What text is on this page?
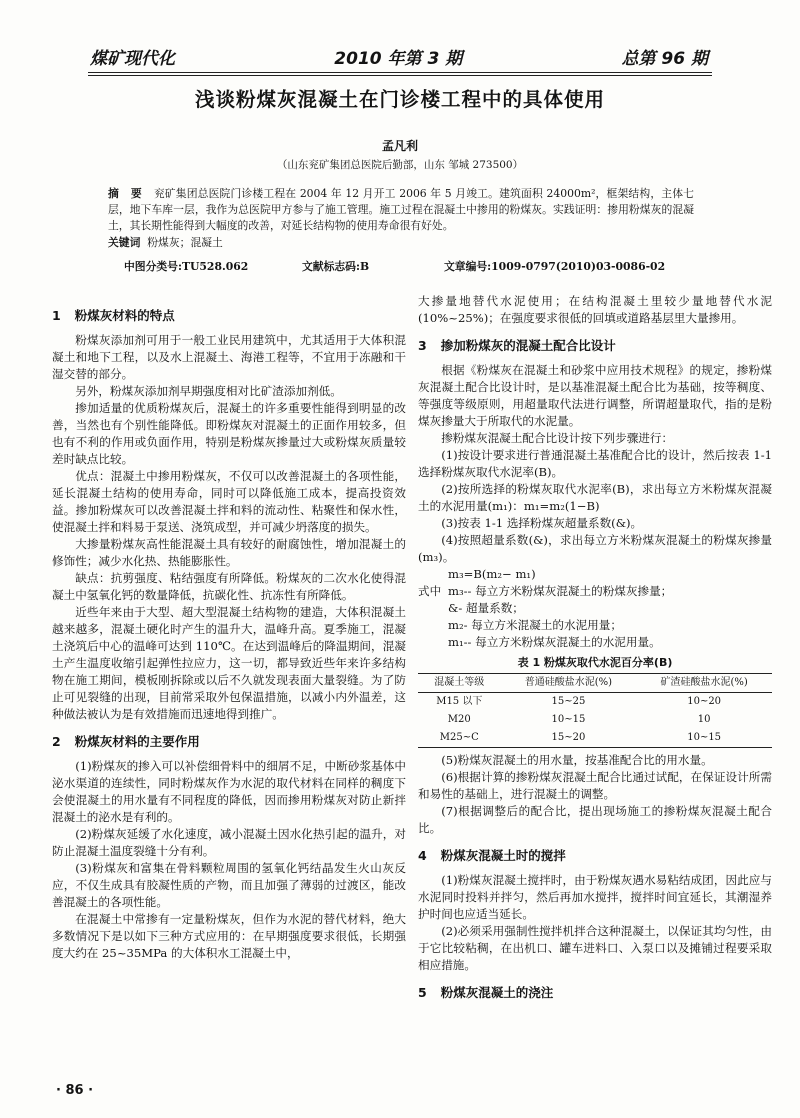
煤矿现代化	2010 年第 3 期	总第 96 期
浅谈粉煤灰混凝土在门诊楼工程中的具体使用
孟凡利
（山东兖矿集团总医院后勤部，山东 邹城 273500）
摘 要 兖矿集团总医院门诊楼工程在 2004 年 12 月开工 2006 年 5 月竣工。建筑面积 24000m²，框架结构，主体七层，地下车库一层，我作为总医院甲方参与了施工管理。施工过程在混凝土中掺用的粉煤灰。实践证明：掺用粉煤灰的混凝土，其长期性能得到大幅度的改善，对延长结构物的使用寿命很有好处。
关键词 粉煤灰；混凝土
中图分类号:TU528.062	文献标志码:B	文章编号:1009-0797(2010)03-0086-02
1 粉煤灰材料的特点

粉煤灰添加剂可用于一般工业民用建筑中，尤其适用于大体积混凝土和地下工程，以及水上混凝土、海港工程等，不宜用于冻融和干湿交替的部分。

另外，粉煤灰添加剂早期强度相对比矿渣添加剂低。

掺加适量的优质粉煤灰后，混凝土的许多重要性能得到明显的改善，当然也有个别性能降低。即粉煤灰对混凝土的正面作用较多，但也有不利的作用或负面作用，特别是粉煤灰掺量过大或粉煤灰质量较差时缺点比较。

优点：混凝土中掺用粉煤灰，不仅可以改善混凝土的各项性能，延长混凝土结构的使用寿命，同时可以降低施工成本，提高投资效益。掺加粉煤灰可以改善混凝土拌和料的流动性、粘聚性和保水性，使混凝土拌和料易于泵送、浇筑成型，并可减少坍落度的损失。

大掺量粉煤灰高性能混凝土具有较好的耐腐蚀性，增加混凝土的修饰性；减少水化热、热能膨胀性。

缺点：抗剪强度、粘结强度有所降低。粉煤灰的二次水化使得混凝土中氢氧化钙的数量降低，抗碳化性、抗冻性有所降低。

近些年来由于大型、超大型混凝土结构物的建造，大体积混凝土越来越多，混凝土硬化时产生的温升大，温峰升高。夏季施工，混凝土浇筑后中心的温峰可达到 110℃。在达到温峰后的降温期间，混凝土产生温度收缩引起弹性拉应力，这一切，都导致近些年来许多结构物在施工期间，模板刚拆除或以后不久就发现表面大量裂缝。为了防止可见裂缝的出现，目前常采取外包保温措施，以减小内外温差，这种做法被认为是有效措施而迅速地得到推广。

2 粉煤灰材料的主要作用

(1)粉煤灰的掺入可以补偿细骨料中的细屑不足，中断砂浆基体中泌水渠道的连续性，同时粉煤灰作为水泥的取代材料在同样的稠度下会使混凝土的用水量有不同程度的降低，因而掺用粉煤灰对防止新拌混凝土的泌水是有利的。

(2)粉煤灰延缓了水化速度，减小混凝土因水化热引起的温升，对防止混凝土温度裂缝十分有利。

(3)粉煤灰和富集在骨料颗粒周围的氢氧化钙结晶发生火山灰反应，不仅生成具有胶凝性质的产物，而且加强了薄弱的过渡区，能改善混凝土的各项性能。

在混凝土中常掺有一定量粉煤灰，但作为水泥的替代材料，绝大多数情况下是以如下三种方式应用的：在早期强度要求很低，长期强度大约在 25~35MPa 的大体积水工混凝土中，

大掺量地替代水泥使用；在结构混凝土里较少量地替代水泥(10%~25%)；在强度要求很低的回填或道路基层里大量掺用。

3 掺加粉煤灰的混凝土配合比设计

根据《粉煤灰在混凝土和砂浆中应用技术规程》的规定，掺粉煤灰混凝土配合比设计时，是以基准混凝土配合比为基础，按等稠度、等强度等级原则，用超量取代法进行调整，所谓超量取代，指的是粉煤灰掺量大于所取代的水泥量。

掺粉煤灰混凝土配合比设计按下列步骤进行：

(1)按设计要求进行普通混凝土基准配合比的设计，然后按表 1-1 选择粉煤灰取代水泥率(B)。

(2)按所选择的粉煤灰取代水泥率(B)，求出每立方米粉煤灰混凝土的水泥用量(m₁)：m₁=m₂(1−B)

(3)按表 1-1 选择粉煤灰超量系数(&)。

(4)按照超量系数(&)，求出每立方米粉煤灰混凝土的粉煤灰掺量(m₃)。

m₃=B(m₂− m₁)

式中 m₃-- 每立方米粉煤灰混凝土的粉煤灰掺量；
&- 超量系数；
m₂- 每立方米混凝土的水泥用量；
m₁-- 每立方米粉煤灰混凝土的水泥用量。
表 1 粉煤灰取代水泥百分率(B)
混凝土等级	普通硅酸盐水泥(%)	矿渣硅酸盐水泥(%)
M15 以下	15~25	10~20
M20	10~15	10
M25~C	15~20	10~15

(5)粉煤灰混凝土的用水量，按基准配合比的用水量。

(6)根据计算的掺粉煤灰混凝土配合比通过试配，在保证设计所需和易性的基础上，进行混凝土的调整。

(7)根据调整后的配合比，提出现场施工的掺粉煤灰混凝土配合比。

4 粉煤灰混凝土时的搅拌

(1)粉煤灰混凝土搅拌时，由于粉煤灰遇水易粘结成团，因此应与水泥同时投料并拌匀，然后再加水搅拌，搅拌时间宜延长，其潮湿养护时间也应适当延长。

(2)必须采用强制性搅拌机拌合这种混凝土，以保证其均匀性，由于它比较粘稠，在出机口、罐车进料口、入泵口以及摊铺过程要采取相应措施。

5 粉煤灰混凝土的浇注
· 86 ·
